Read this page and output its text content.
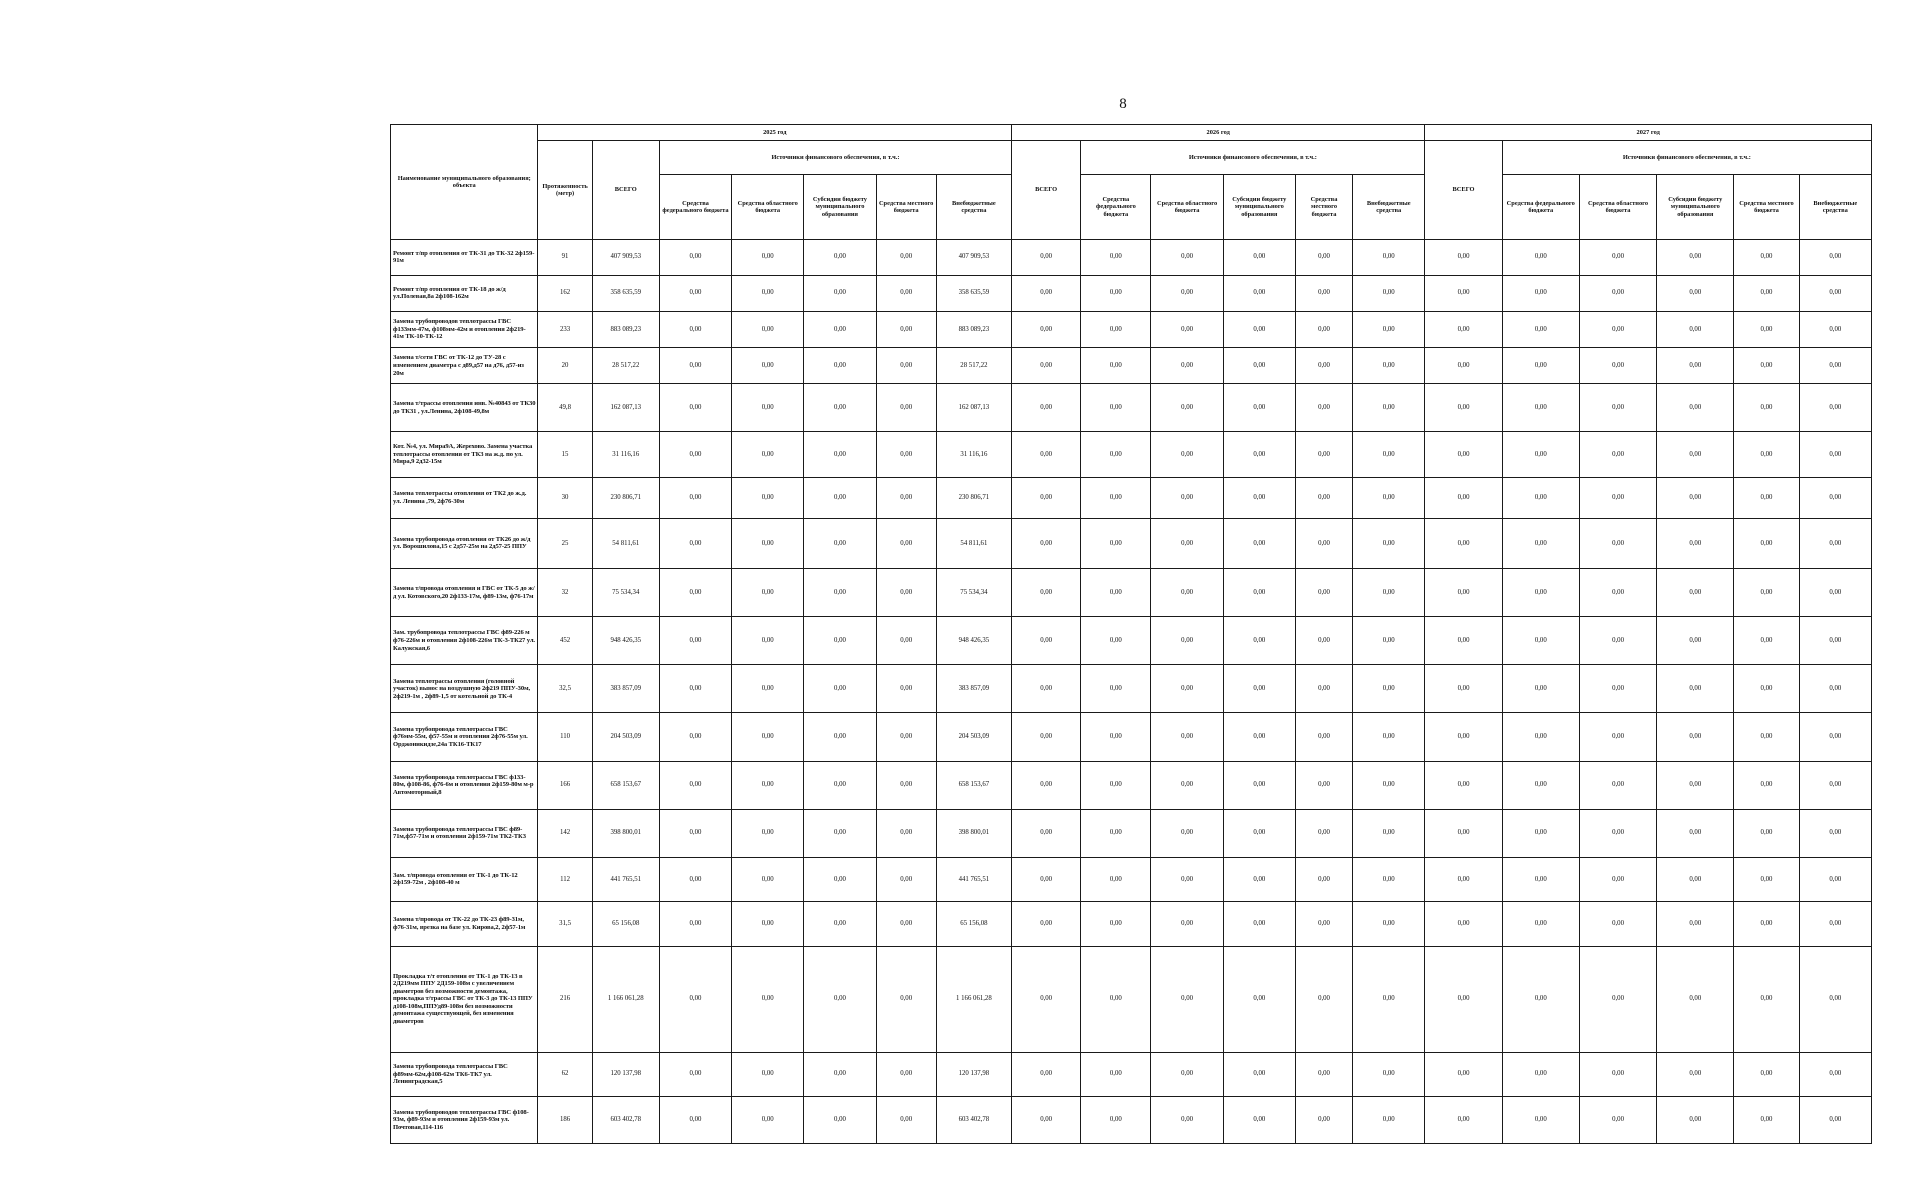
8
Наименование муниципального образования; объекта	2025 год							2026 год						2027 год					
	Протяженность (метр)	ВСЕГО	Источники финансового обеспечения, в т.ч.:					ВСЕГО	Источники финансового обеспечения, в т.ч.:					ВСЕГО	Источники финансового обеспечения, в т.ч.:				
			Средства федерального бюджета	Средства областного бюджета	Субсидии бюджету муниципального образования	Средства местного бюджета	Внебюджетные средства		Средства федерального бюджета	Средства областного бюджета	Субсидии бюджету муниципального образования	Средства местного бюджета	Внебюджетные средства		Средства федерального бюджета	Средства областного бюджета	Субсидии бюджету муниципального образования	Средства местного бюджета	Внебюджетные средства
Ремонт т/пр отопления от ТК-31 до ТК-32 2ф159-91м	91	407 909,53	0,00	0,00	0,00	0,00	407 909,53	0,00	0,00	0,00	0,00	0,00	0,00	0,00	0,00	0,00	0,00	0,00	0,00
Ремонт т/пр отопления от ТК-18 до ж/д ул.Полевая,8а 2ф108-162м	162	358 635,59	0,00	0,00	0,00	0,00	358 635,59	0,00	0,00	0,00	0,00	0,00	0,00	0,00	0,00	0,00	0,00	0,00	0,00
Замена трубопроводов теплотрассы ГВС ф133мм-47м, ф108мм-42м и отопления 2ф219-41м ТК-10-ТК-12	233	883 089,23	0,00	0,00	0,00	0,00	883 089,23	0,00	0,00	0,00	0,00	0,00	0,00	0,00	0,00	0,00	0,00	0,00	0,00
Замена т/сети ГВС от ТК-12 до ТУ-28 с изменением диаметра с д89,д57 на д76, д57-из 20м	20	28 517,22	0,00	0,00	0,00	0,00	28 517,22	0,00	0,00	0,00	0,00	0,00	0,00	0,00	0,00	0,00	0,00	0,00	0,00
Замена т/трассы отопления инв. №40843 от ТК30 до ТК31 , ул.Ленина, 2ф108-49,8м	49,8	162 087,13	0,00	0,00	0,00	0,00	162 087,13	0,00	0,00	0,00	0,00	0,00	0,00	0,00	0,00	0,00	0,00	0,00	0,00
Кот. №4, ул. Мира9А, Жерехово. Замена участка теплотрассы отопления от ТК3 на ж.д. по ул. Мира,9 2д32-15м	15	31 116,16	0,00	0,00	0,00	0,00	31 116,16	0,00	0,00	0,00	0,00	0,00	0,00	0,00	0,00	0,00	0,00	0,00	0,00
Замена теплотрассы отопления от ТК2 до ж.д. ул. Ленина ,79, 2ф76-30м	30	230 806,71	0,00	0,00	0,00	0,00	230 806,71	0,00	0,00	0,00	0,00	0,00	0,00	0,00	0,00	0,00	0,00	0,00	0,00
Замена трубопровода отопления от ТК26 до ж/д ул. Ворошилова,15 с 2д57-25м на 2д57-25 ППУ	25	54 811,61	0,00	0,00	0,00	0,00	54 811,61	0,00	0,00	0,00	0,00	0,00	0,00	0,00	0,00	0,00	0,00	0,00	0,00
Замена т/провода отопления и ГВС от ТК-5 до ж/д ул. Котовского,20 2ф133-17м, ф89-13м, ф76-17м	32	75 534,34	0,00	0,00	0,00	0,00	75 534,34	0,00	0,00	0,00	0,00	0,00	0,00	0,00	0,00	0,00	0,00	0,00	0,00
Зам. трубопровода теплотрассы ГВС ф89-226 м ф76-226м и отопления 2ф108-226м ТК-3-ТК27 ул. Калужская,6	452	948 426,35	0,00	0,00	0,00	0,00	948 426,35	0,00	0,00	0,00	0,00	0,00	0,00	0,00	0,00	0,00	0,00	0,00	0,00
Замена теплотрассы отопления (головной участок) вынос на воздушную 2ф219 ППУ-30м, 2ф219-1м , 2ф89-1,5 от котельной до ТК-4	32,5	383 857,09	0,00	0,00	0,00	0,00	383 857,09	0,00	0,00	0,00	0,00	0,00	0,00	0,00	0,00	0,00	0,00	0,00	0,00
Замена трубопровода теплотрассы ГВС ф76мм-55м, ф57-55м и отопления 2ф76-55м ул. Орджоникидзе,24а ТК16-ТК17	110	204 503,09	0,00	0,00	0,00	0,00	204 503,09	0,00	0,00	0,00	0,00	0,00	0,00	0,00	0,00	0,00	0,00	0,00	0,00
Замена трубопровода теплотрассы ГВС ф133-80м, ф108-86, ф76-6м и отопления 2ф159-80м м-р Автомоторный,8	166	658 153,67	0,00	0,00	0,00	0,00	658 153,67	0,00	0,00	0,00	0,00	0,00	0,00	0,00	0,00	0,00	0,00	0,00	0,00
Замена трубопровода теплотрассы ГВС ф89-71м,ф57-71м и отопления 2ф159-71м ТК2-ТК3	142	398 800,01	0,00	0,00	0,00	0,00	398 800,01	0,00	0,00	0,00	0,00	0,00	0,00	0,00	0,00	0,00	0,00	0,00	0,00
Зам. т/провода отопления от ТК-1 до ТК-12 2ф159-72м , 2ф108-40 м	112	441 765,51	0,00	0,00	0,00	0,00	441 765,51	0,00	0,00	0,00	0,00	0,00	0,00	0,00	0,00	0,00	0,00	0,00	0,00
Замена т/провода от ТК-22 до ТК-23 ф89-31м, ф76-31м, врезка на базе ул. Кирова,2, 2ф57-1м	31,5	65 156,08	0,00	0,00	0,00	0,00	65 156,08	0,00	0,00	0,00	0,00	0,00	0,00	0,00	0,00	0,00	0,00	0,00	0,00
Прокладка т/т отопления от ТК-1 до ТК-13 в 2Д219мм ППУ 2Д159-108м с увеличением диаметров без возможности демонтажа, прокладка т/трассы ГВС от ТК-3 до ТК-13 ППУ д108-108м,ППУд89-108м без возможности демонтажа существующей, без изменения диаметров	216	1 166 061,28	0,00	0,00	0,00	0,00	1 166 061,28	0,00	0,00	0,00	0,00	0,00	0,00	0,00	0,00	0,00	0,00	0,00	0,00
Замена трубопровода теплотрассы ГВС ф89мм-62м,ф108-62м ТК6-ТК7 ул. Ленинградская,5	62	120 137,98	0,00	0,00	0,00	0,00	120 137,98	0,00	0,00	0,00	0,00	0,00	0,00	0,00	0,00	0,00	0,00	0,00	0,00
Замена трубопроводов теплотрассы ГВС ф108-93м, ф89-93м и отопления 2ф159-93м ул. Почтовая,114-116	186	603 402,78	0,00	0,00	0,00	0,00	603 402,78	0,00	0,00	0,00	0,00	0,00	0,00	0,00	0,00	0,00	0,00	0,00	0,00
